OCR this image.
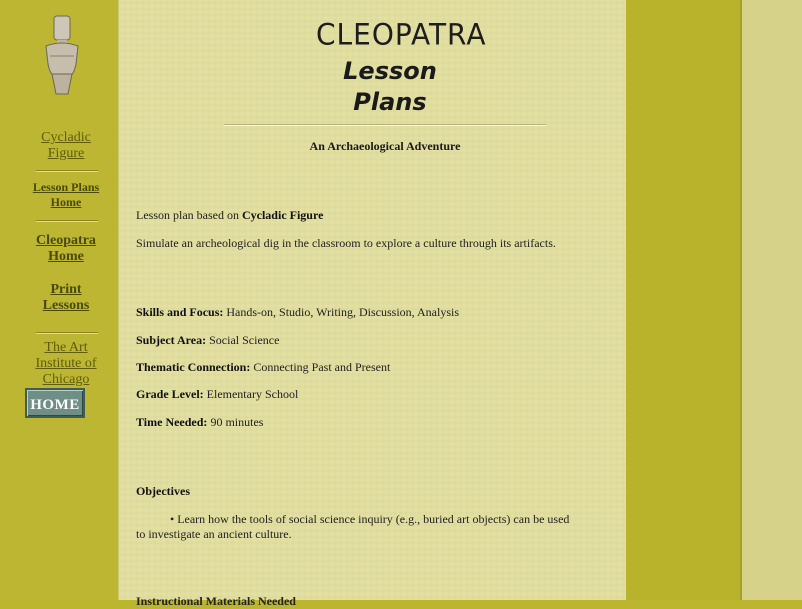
Cycladic
Figure
Lesson Plans
Home
Cleopatra
Home
Print
Lessons
The Art
Institute of
Chicago
HOME
CLEOPATRA
Lesson
Plans
An Archaeological Adventure
Lesson plan based on Cycladic Figure
Simulate an archeological dig in the classroom to explore a culture through its artifacts.
Skills and Focus: Hands-on, Studio, Writing, Discussion, Analysis
Subject Area: Social Science
Thematic Connection: Connecting Past and Present
Grade Level: Elementary School
Time Needed: 90 minutes
Objectives
• Learn how the tools of social science inquiry (e.g., buried art objects) can be used
to investigate an ancient culture.
Instructional Materials Needed
